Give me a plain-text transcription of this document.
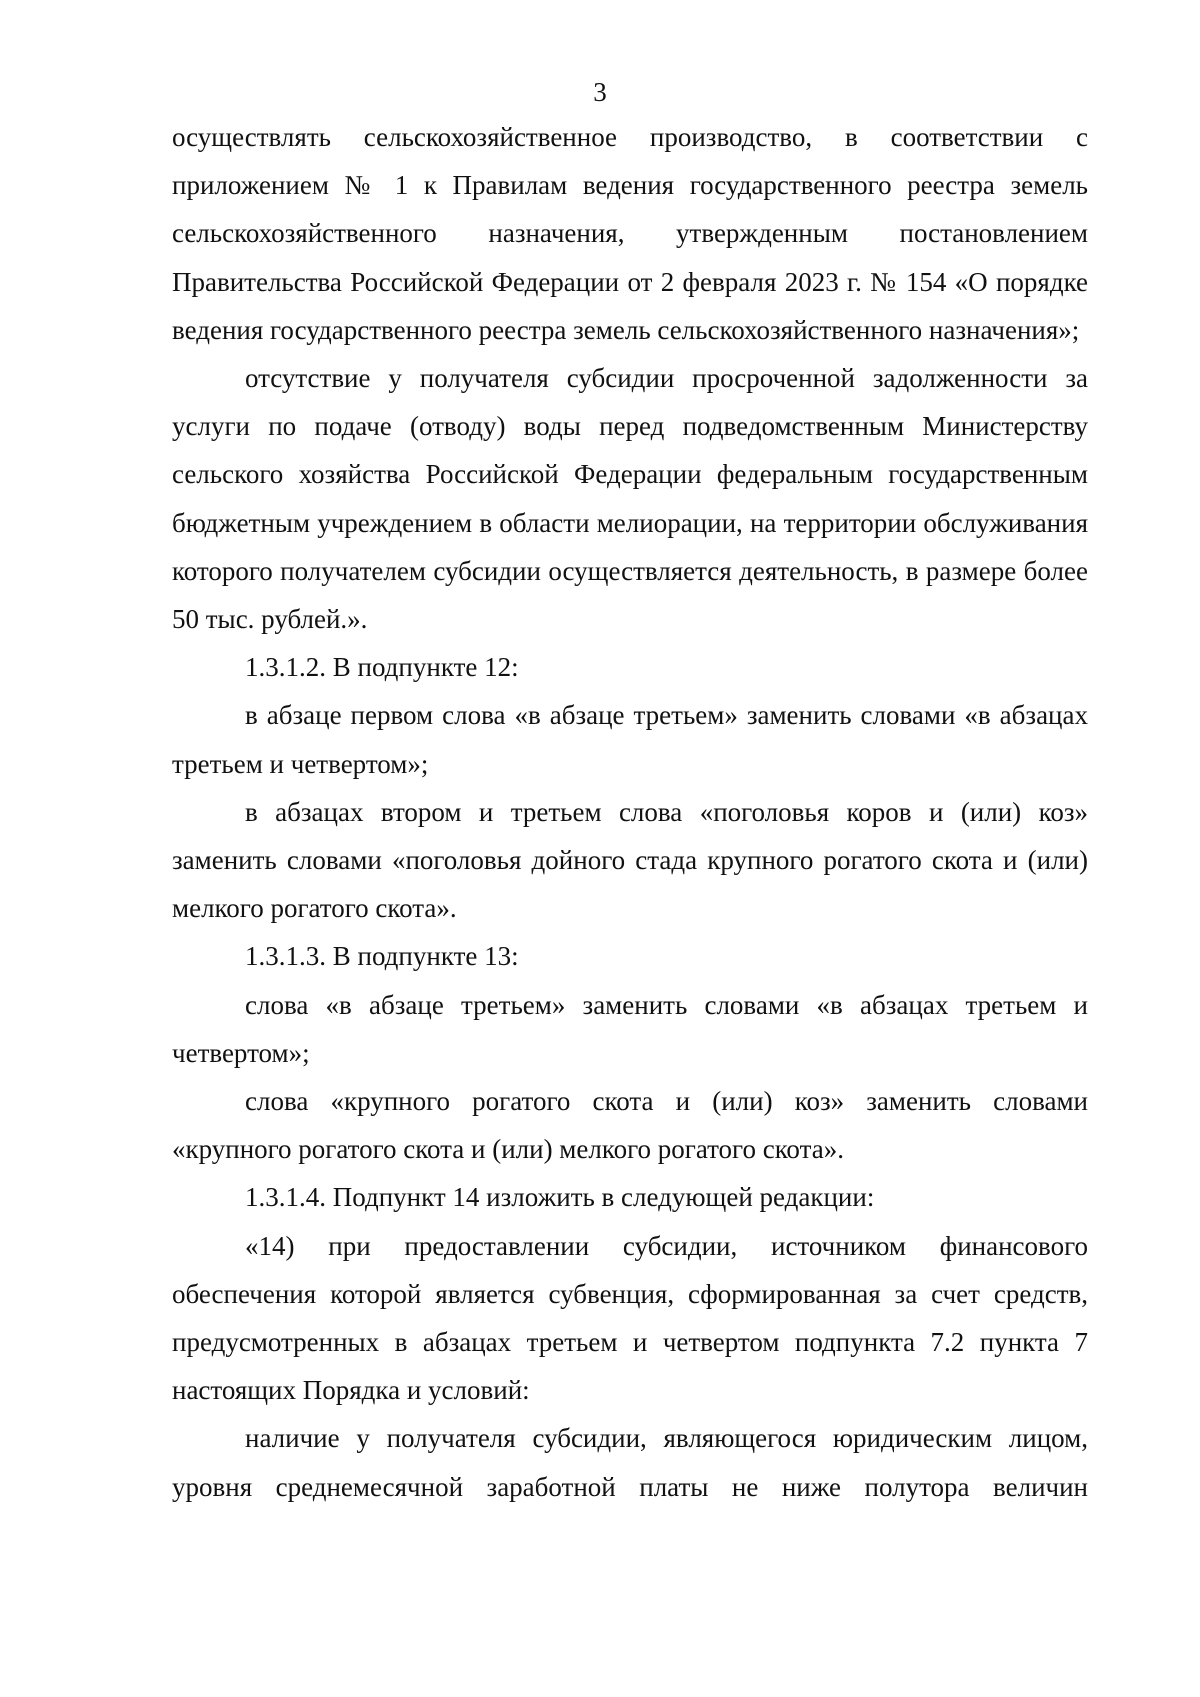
3

осуществлять сельскохозяйственное производство, в соответствии с приложением № 1 к Правилам ведения государственного реестра земель сельскохозяйственного назначения, утвержденным постановлением Правительства Российской Федерации от 2 февраля 2023 г. № 154 «О порядке ведения государственного реестра земель сельскохозяйственного назначения»;

отсутствие у получателя субсидии просроченной задолженности за услуги по подаче (отводу) воды перед подведомственным Министерству сельского хозяйства Российской Федерации федеральным государственным бюджетным учреждением в области мелиорации, на территории обслуживания которого получателем субсидии осуществляется деятельность, в размере более 50 тыс. рублей.».

1.3.1.2. В подпункте 12:

в абзаце первом слова «в абзаце третьем» заменить словами «в абзацах третьем и четвертом»;

в абзацах втором и третьем слова «поголовья коров и (или) коз» заменить словами «поголовья дойного стада крупного рогатого скота и (или) мелкого рогатого скота».

1.3.1.3. В подпункте 13:

слова «в абзаце третьем» заменить словами «в абзацах третьем и четвертом»;

слова «крупного рогатого скота и (или) коз» заменить словами «крупного рогатого скота и (или) мелкого рогатого скота».

1.3.1.4. Подпункт 14 изложить в следующей редакции:

«14) при предоставлении субсидии, источником финансового обеспечения которой является субвенция, сформированная за счет средств, предусмотренных в абзацах третьем и четвертом подпункта 7.2 пункта 7 настоящих Порядка и условий:

наличие у получателя субсидии, являющегося юридическим лицом, уровня среднемесячной заработной платы не ниже полутора величин
